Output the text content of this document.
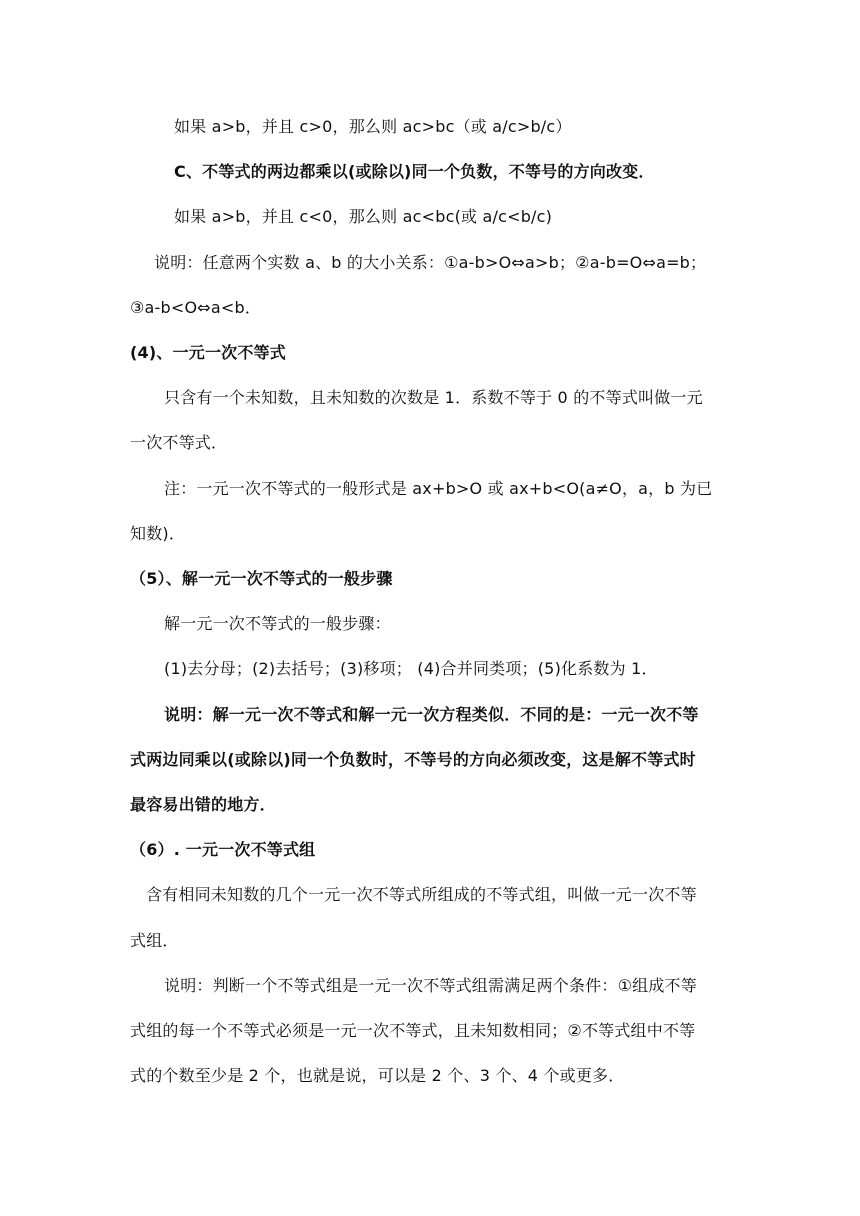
如果 a>b，并且 c>0，那么则 ac>bc（或 a/c>b/c）
C、不等式的两边都乘以(或除以)同一个负数，不等号的方向改变．
如果 a>b，并且 c<0，那么则 ac<bc(或 a/c<b/c)
说明：任意两个实数 a、b 的大小关系：①a-b>O⇔a>b；②a-b=O⇔a=b；
③a-b<O⇔a<b．
(4)、一元一次不等式
只含有一个未知数，且未知数的次数是 1．系数不等于 0 的不等式叫做一元
一次不等式．
注：一元一次不等式的一般形式是 ax+b>O 或 ax+b<O(a≠O，a，b 为已
知数)．
（5）、解一元一次不等式的一般步骤
解一元一次不等式的一般步骤：
(1)去分母；(2)去括号；(3)移项； (4)合并同类项；(5)化系数为 1．
说明：解一元一次不等式和解一元一次方程类似．不同的是：一元一次不等
式两边同乘以(或除以)同一个负数时，不等号的方向必须改变，这是解不等式时
最容易出错的地方．
（6）. 一元一次不等式组
含有相同未知数的几个一元一次不等式所组成的不等式组，叫做一元一次不等
式组．
说明：判断一个不等式组是一元一次不等式组需满足两个条件：①组成不等
式组的每一个不等式必须是一元一次不等式，且未知数相同；②不等式组中不等
式的个数至少是 2 个，也就是说，可以是 2 个、3 个、4 个或更多．
